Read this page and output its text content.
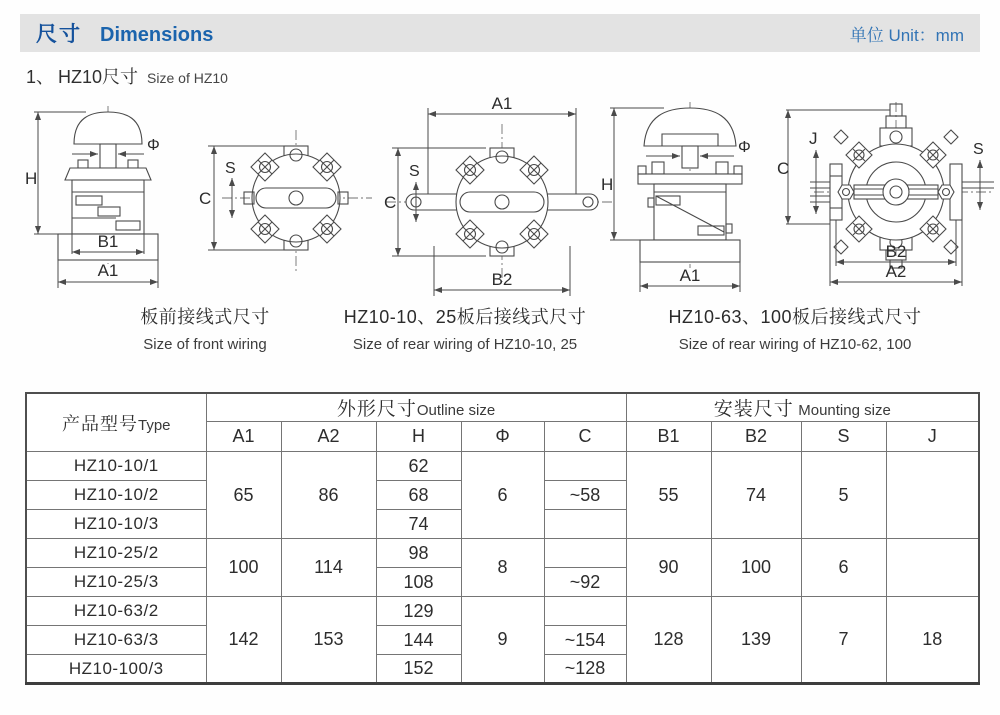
尺寸 Dimensions	单位 Unit：mm
1、 HZ10尺寸 Size of HZ10
H
Φ
B1
A1
C
S
A1
C
S
B2
H
Φ
A1
C
J
S
B2
A2
板前接线式尺寸
Size of front wiring
HZ10-10、25板后接线式尺寸
Size of rear wiring of HZ10-10, 25
HZ10-63、100板后接线式尺寸
Size of rear wiring of HZ10-62, 100
产品型号Type	外形尺寸Outline size					安装尺寸 Mounting size			
	A1	A2	H	Φ	C	B1	B2	S	J
HZ10-10/1	65	86	62	6		55	74	5	
HZ10-10/2			68		~58				
HZ10-10/3			74						
HZ10-25/2	100	114	98	8		90	100	6	
HZ10-25/3			108		~92				
HZ10-63/2	142	153	129	9		128	139	7	18
HZ10-63/3			144		~154				
HZ10-100/3			152		~128				
